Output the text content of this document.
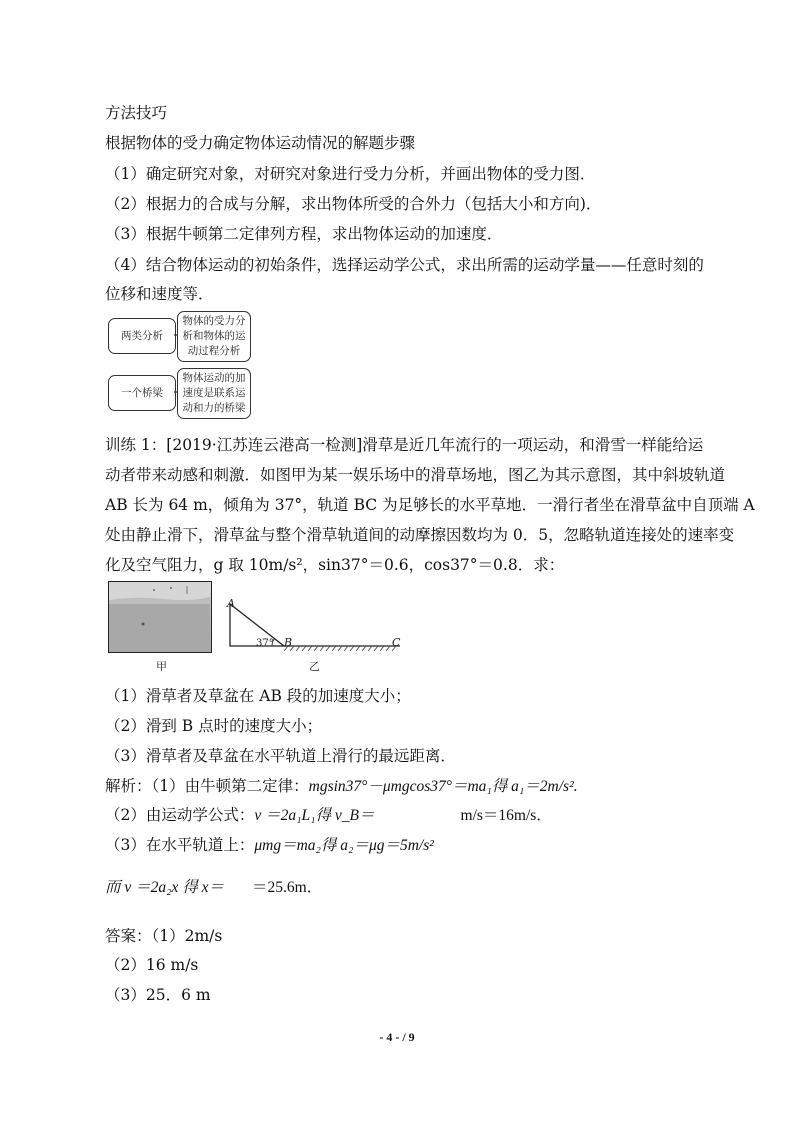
方法技巧
根据物体的受力确定物体运动情况的解题步骤
（1）确定研究对象，对研究对象进行受力分析，并画出物体的受力图．
（2）根据力的合成与分解，求出物体所受的合外力（包括大小和方向)．
（3）根据牛顿第二定律列方程，求出物体运动的加速度．
（4）结合物体运动的初始条件，选择运动学公式，求出所需的运动学量——任意时刻的
位移和速度等．
两类分析
物体的受力分
析和物体的运
动过程分析
一个桥梁
物体运动的加
速度是联系运
动和力的桥梁
训练 1：[2019·江苏连云港高一检测]滑草是近几年流行的一项运动，和滑雪一样能给运
动者带来动感和刺激．如图甲为某一娱乐场中的滑草场地，图乙为其示意图，其中斜坡轨道
AB 长为 64 m，倾角为 37°，轨道 BC 为足够长的水平草地．一滑行者坐在滑草盆中自顶端 A
处由静止滑下，滑草盆与整个滑草轨道间的动摩擦因数均为 0．5，忽略轨道连接处的速率变
化及空气阻力，g 取 10m/s²，sin37°＝0.6，cos37°＝0.8．求：
甲
A
B	C
37°
乙
（1）滑草者及草盆在 AB 段的加速度大小；
（2）滑到 B 点时的速度大小；
（3）滑草者及草盆在水平轨道上滑行的最远距离．
解析：（1）由牛顿第二定律：mgsin37°－μmgcos37°＝ma₁得 a₁＝2m/s².
（2）由运动学公式：v ＝2a₁L₁得 v_B＝	m/s＝16m/s．
（3）在水平轨道上：μmg＝ma₂得 a₂＝μg＝5m/s²
而 v ＝2a₂x 得 x＝ ＝25.6m．
答案：（1）2m/s
（2）16 m/s
（3）25．6 m
- 4 - / 9
